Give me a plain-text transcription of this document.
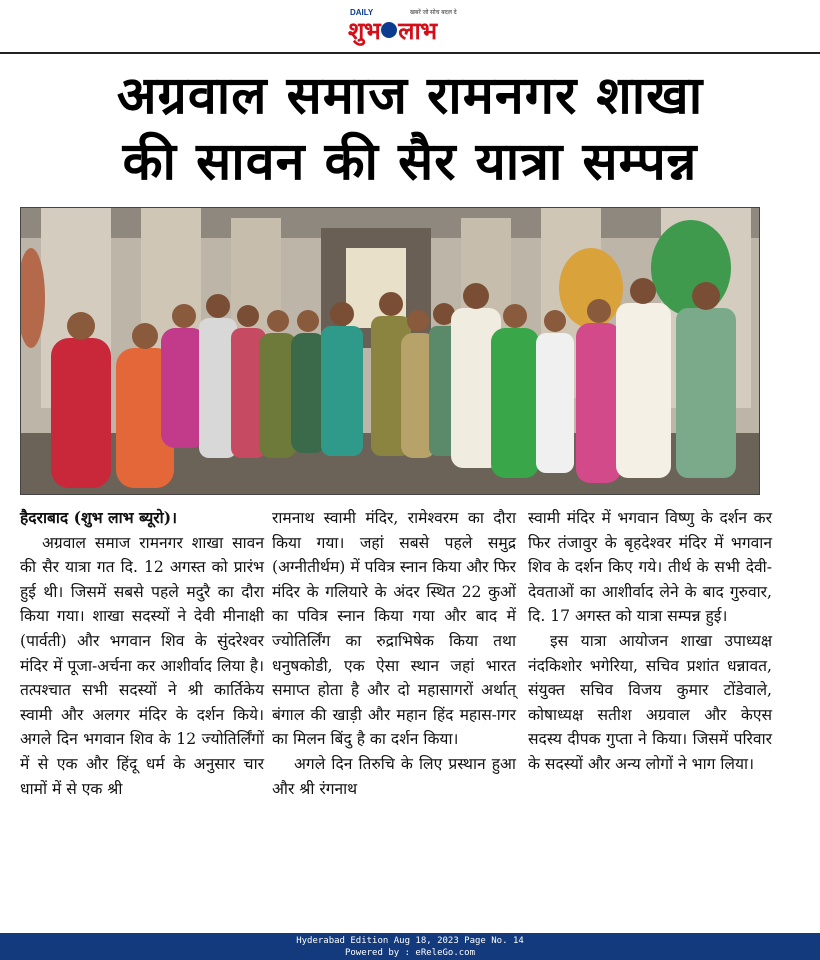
DAILY	खबरें जो सोच बदल दे
शुभ लाभ
अग्रवाल समाज रामनगर शाखा
की सावन की सैर यात्रा सम्पन्न

हैदराबाद (शुभ लाभ ब्यूरो)।

अग्रवाल समाज रामनगर शाखा सावन की सैर यात्रा गत दि. 12 अगस्त को प्रारंभ हुई थी। जिसमें सबसे पहले मदुरै का दौरा किया गया। शाखा सदस्यों ने देवी मीनाक्षी (पार्वती) और भगवान शिव के सुंदरेश्वर मंदिर में पूजा-अर्चना कर आशीर्वाद लिया है। तत्पश्चात सभी सदस्यों ने श्री कार्तिकेय स्वामी और अलगर मंदिर के दर्शन किये। अगले दिन भगवान शिव के 12 ज्योतिर्लिंगों में से एक और हिंदू धर्म के अनुसार चार धामों में से एक श्री

रामनाथ स्वामी मंदिर, रामेश्वरम का दौरा किया गया। जहां सबसे पहले समुद्र (अग्नीतीर्थम) में पवित्र स्नान किया और फिर मंदिर के गलियारे के अंदर स्थित 22 कुओं का पवित्र स्नान किया गया और बाद में ज्योतिर्लिंग का रुद्राभिषेक किया तथा धनुषकोडी, एक ऐसा स्थान जहां भारत समाप्त होता है और दो महासागरों अर्थात् बंगाल की खाड़ी और महान हिंद महास-ागर का मिलन बिंदु है का दर्शन किया।

अगले दिन तिरुचि के लिए प्रस्थान हुआ और श्री रंगनाथ

स्वामी मंदिर में भगवान विष्णु के दर्शन कर फिर तंजावुर के बृहदेश्वर मंदिर में भगवान शिव के दर्शन किए गये। तीर्थ के सभी देवी-देवताओं का आशीर्वाद लेने के बाद गुरुवार, दि. 17 अगस्त को यात्रा सम्पन्न हुई।

इस यात्रा आयोजन शाखा उपाध्यक्ष नंदकिशोर भगेरिया, सचिव प्रशांत धन्नावत, संयुक्त सचिव विजय कुमार टोंडेवाले, कोषाध्यक्ष सतीश अग्रवाल और केएस सदस्य दीपक गुप्ता ने किया। जिसमें परिवार के सदस्यों और अन्य लोगों ने भाग लिया।

Hyderabad Edition Aug 18, 2023 Page No. 14
Powered by : eReleGo.com
